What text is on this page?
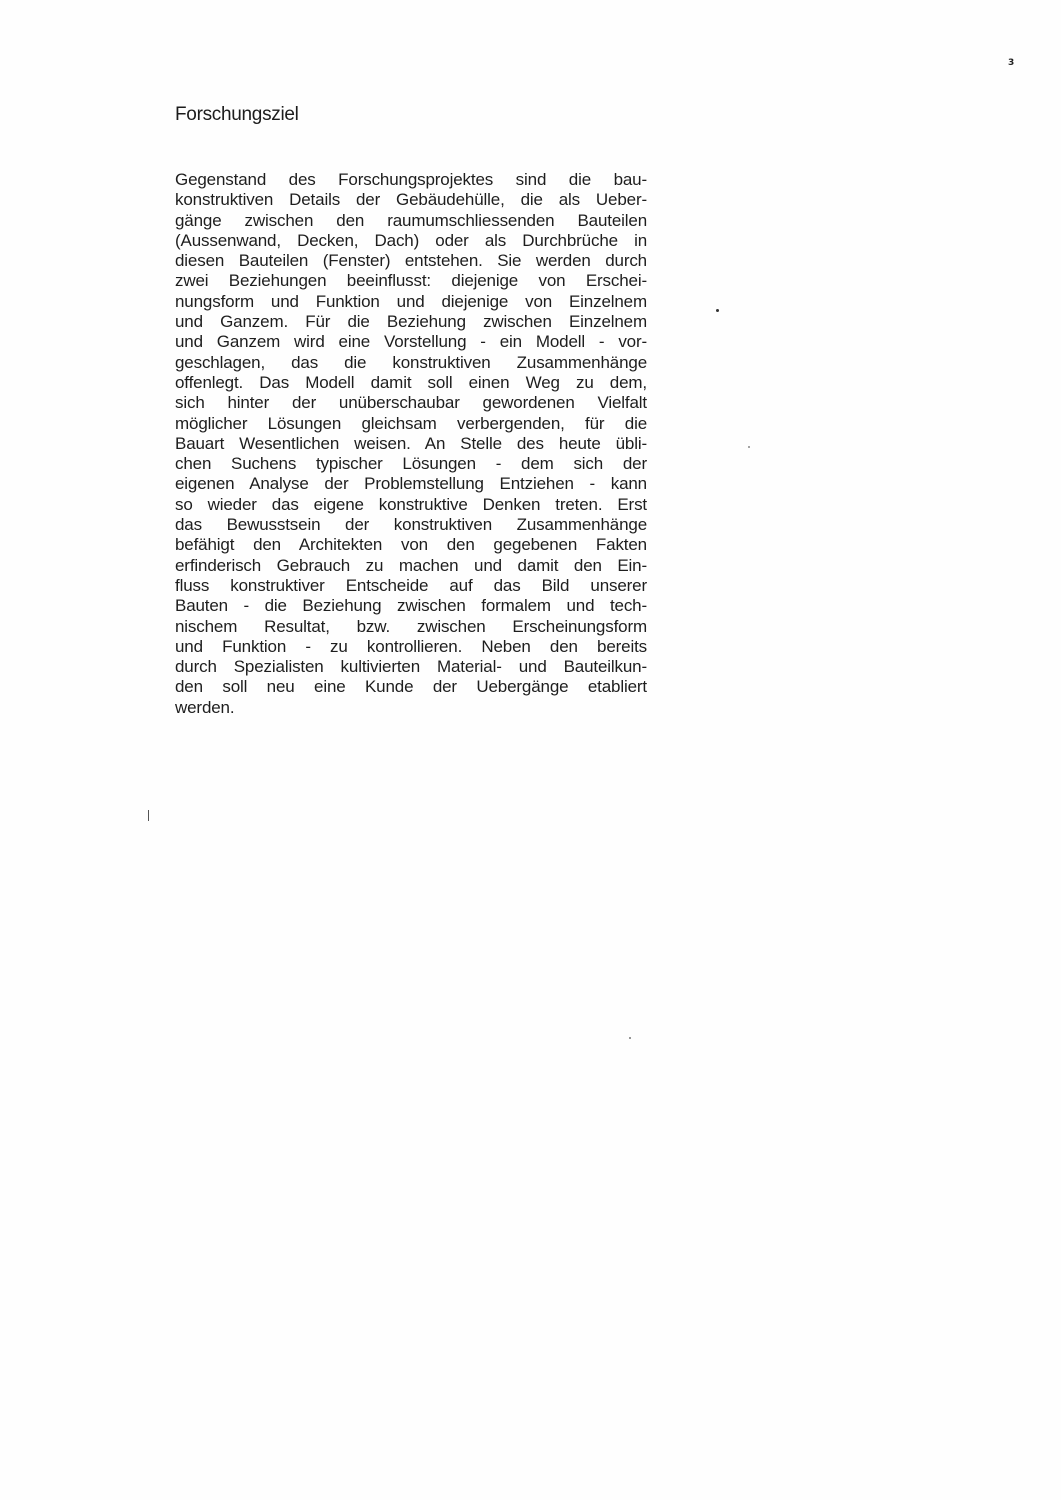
3
Forschungsziel
Gegenstand des Forschungsprojektes sind die bau-
konstruktiven Details der Gebäudehülle, die als Ueber-
gänge zwischen den raumumschliessenden Bauteilen
(Aussenwand, Decken, Dach) oder als Durchbrüche in
diesen Bauteilen (Fenster) entstehen. Sie werden durch
zwei Beziehungen beeinflusst: diejenige von Erschei-
nungsform und Funktion und diejenige von Einzelnem
und Ganzem. Für die Beziehung zwischen Einzelnem
und Ganzem wird eine Vorstellung - ein Modell - vor-
geschlagen, das die konstruktiven Zusammenhänge
offenlegt. Das Modell damit soll einen Weg zu dem,
sich hinter der unüberschaubar gewordenen Vielfalt
möglicher Lösungen gleichsam verbergenden, für die
Bauart Wesentlichen weisen. An Stelle des heute übli-
chen Suchens typischer Lösungen - dem sich der
eigenen Analyse der Problemstellung Entziehen - kann
so wieder das eigene konstruktive Denken treten. Erst
das Bewusstsein der konstruktiven Zusammenhänge
befähigt den Architekten von den gegebenen Fakten
erfinderisch Gebrauch zu machen und damit den Ein-
fluss konstruktiver Entscheide auf das Bild unserer
Bauten - die Beziehung zwischen formalem und tech-
nischem Resultat, bzw. zwischen Erscheinungsform
und Funktion - zu kontrollieren. Neben den bereits
durch Spezialisten kultivierten Material- und Bauteilkun-
den soll neu eine Kunde der Uebergänge etabliert
werden.
